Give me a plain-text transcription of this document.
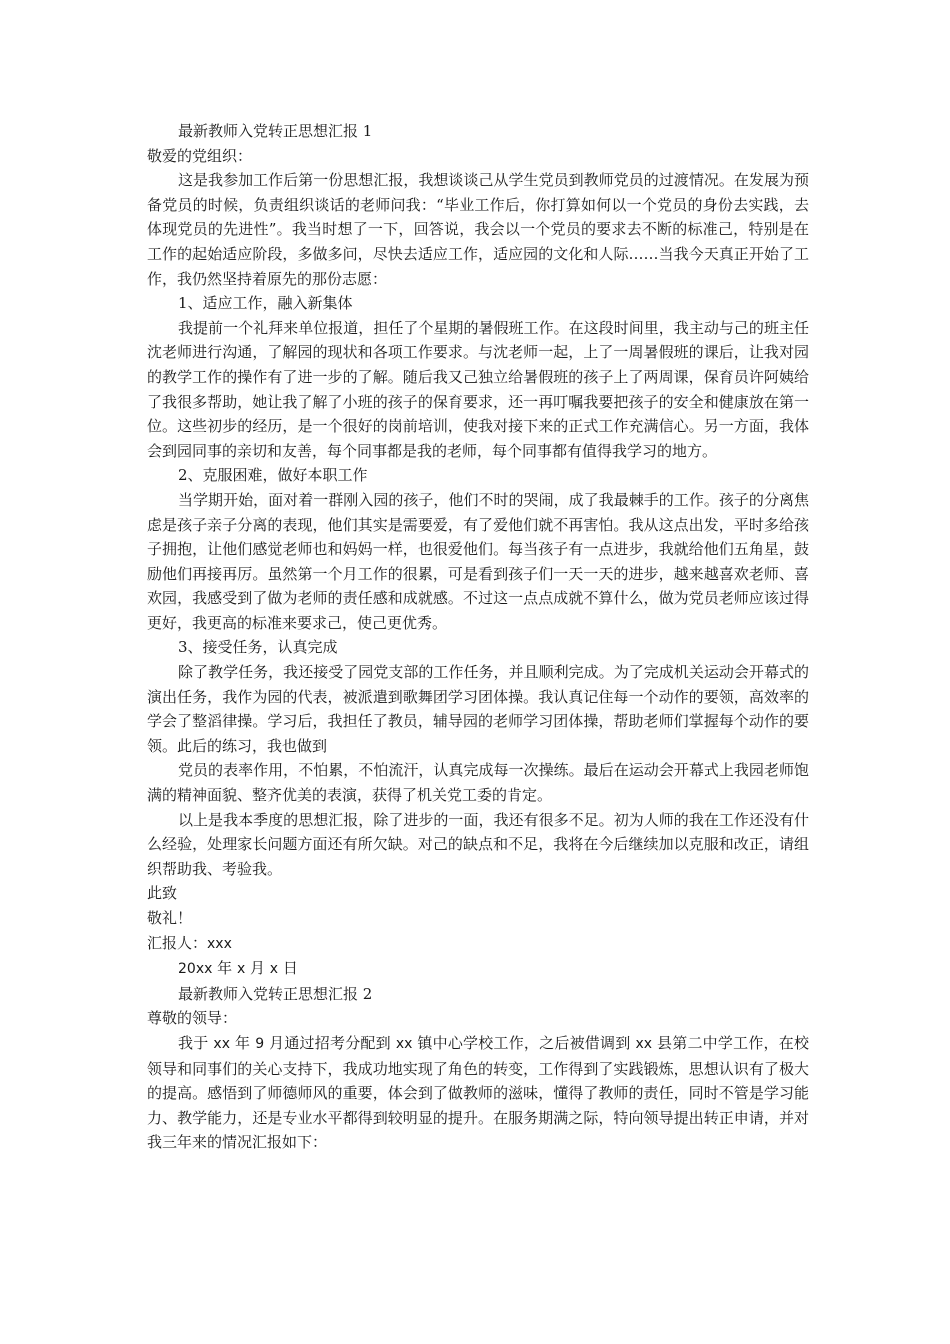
最新教师入党转正思想汇报 1

敬爱的党组织：

这是我参加工作后第一份思想汇报，我想谈谈己从学生党员到教师党员的过渡情况。在发展为预备党员的时候，负责组织谈话的老师问我：“毕业工作后，你打算如何以一个党员的身份去实践，去体现党员的先进性”。我当时想了一下，回答说，我会以一个党员的要求去不断的标准己，特别是在工作的起始适应阶段，多做多问，尽快去适应工作，适应园的文化和人际……当我今天真正开始了工作，我仍然坚持着原先的那份志愿：

1、适应工作，融入新集体

我提前一个礼拜来单位报道，担任了个星期的暑假班工作。在这段时间里，我主动与己的班主任沈老师进行沟通，了解园的现状和各项工作要求。与沈老师一起，上了一周暑假班的课后，让我对园的教学工作的操作有了进一步的了解。随后我又己独立给暑假班的孩子上了两周课，保育员许阿姨给了我很多帮助，她让我了解了小班的孩子的保育要求，还一再叮嘱我要把孩子的安全和健康放在第一位。这些初步的经历，是一个很好的岗前培训，使我对接下来的正式工作充满信心。另一方面，我体会到园同事的亲切和友善，每个同事都是我的老师，每个同事都有值得我学习的地方。

2、克服困难，做好本职工作

当学期开始，面对着一群刚入园的孩子，他们不时的哭闹，成了我最棘手的工作。孩子的分离焦虑是孩子亲子分离的表现，他们其实是需要爱，有了爱他们就不再害怕。我从这点出发，平时多给孩子拥抱，让他们感觉老师也和妈妈一样，也很爱他们。每当孩子有一点进步，我就给他们五角星，鼓励他们再接再厉。虽然第一个月工作的很累，可是看到孩子们一天一天的进步，越来越喜欢老师、喜欢园，我感受到了做为老师的责任感和成就感。不过这一点点成就不算什么，做为党员老师应该过得更好，我更高的标准来要求己，使己更优秀。

3、接受任务，认真完成

除了教学任务，我还接受了园党支部的工作任务，并且顺利完成。为了完成机关运动会开幕式的演出任务，我作为园的代表，被派遣到歌舞团学习团体操。我认真记住每一个动作的要领，高效率的学会了整滔律操。学习后，我担任了教员，辅导园的老师学习团体操，帮助老师们掌握每个动作的要领。此后的练习，我也做到

党员的表率作用，不怕累，不怕流汗，认真完成每一次操练。最后在运动会开幕式上我园老师饱满的精神面貌、整齐优美的表演，获得了机关党工委的肯定。

以上是我本季度的思想汇报，除了进步的一面，我还有很多不足。初为人师的我在工作还没有什么经验，处理家长问题方面还有所欠缺。对己的缺点和不足，我将在今后继续加以克服和改正，请组织帮助我、考验我。

此致

敬礼！

汇报人：xxx

20xx 年 x 月 x 日

最新教师入党转正思想汇报 2

尊敬的领导：

我于 xx 年 9 月通过招考分配到 xx 镇中心学校工作，之后被借调到 xx 县第二中学工作，在校领导和同事们的关心支持下，我成功地实现了角色的转变，工作得到了实践锻炼，思想认识有了极大的提高。感悟到了师德师风的重要，体会到了做教师的滋味，懂得了教师的责任，同时不管是学习能力、教学能力，还是专业水平都得到较明显的提升。在服务期满之际，特向领导提出转正申请，并对我三年来的情况汇报如下：
